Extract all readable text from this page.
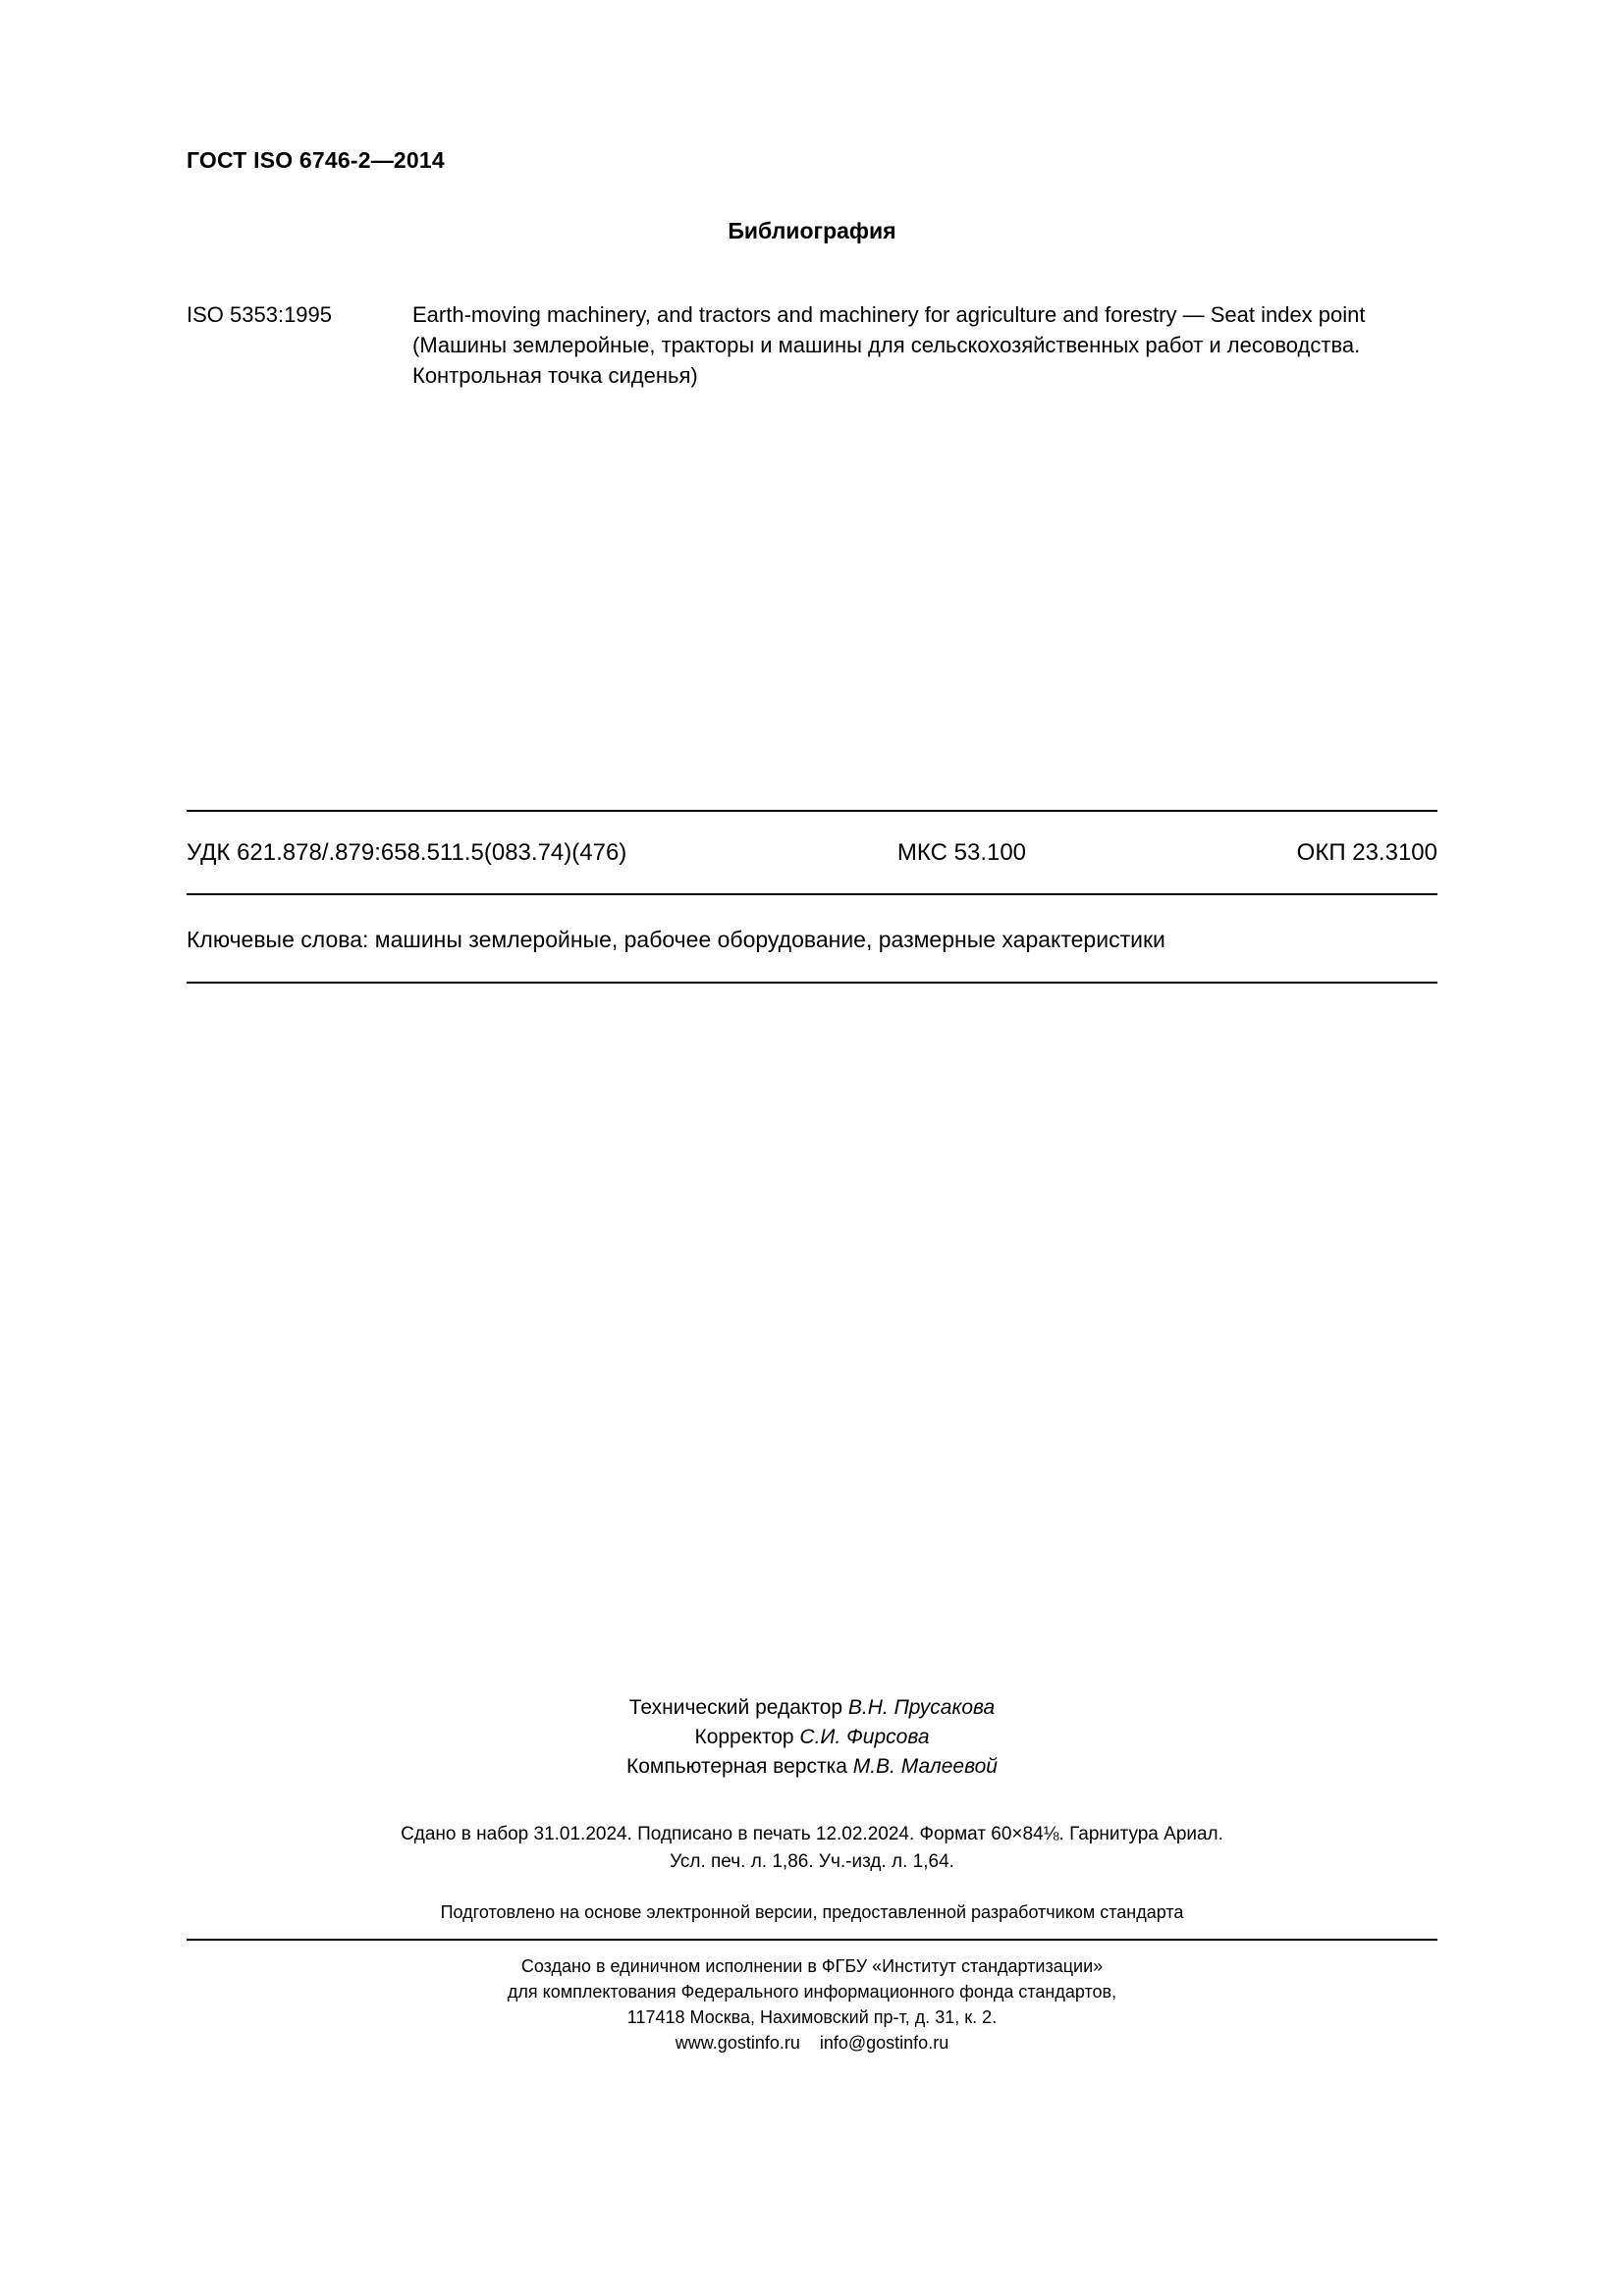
ГОСТ ISO 6746-2—2014
Библиография
ISO 5353:1995	Earth-moving machinery, and tractors and machinery for agriculture and forestry — Seat index point
(Машины землеройные, тракторы и машины для сельскохозяйственных работ и лесоводства.
Контрольная точка сиденья)
УДК 621.878/.879:658.511.5(083.74)(476)	МКС 53.100	ОКП 23.3100
Ключевые слова: машины землеройные, рабочее оборудование, размерные характеристики
Технический редактор В.Н. Прусакова
Корректор С.И. Фирсова
Компьютерная верстка М.В. Малеевой
Сдано в набор 31.01.2024. Подписано в печать 12.02.2024. Формат 60×84⅛. Гарнитура Ариал.
Усл. печ. л. 1,86. Уч.-изд. л. 1,64.
Подготовлено на основе электронной версии, предоставленной разработчиком стандарта
Создано в единичном исполнении в ФГБУ «Институт стандартизации»
для комплектования Федерального информационного фонда стандартов,
117418 Москва, Нахимовский пр-т, д. 31, к. 2.
www.gostinfo.ru info@gostinfo.ru
